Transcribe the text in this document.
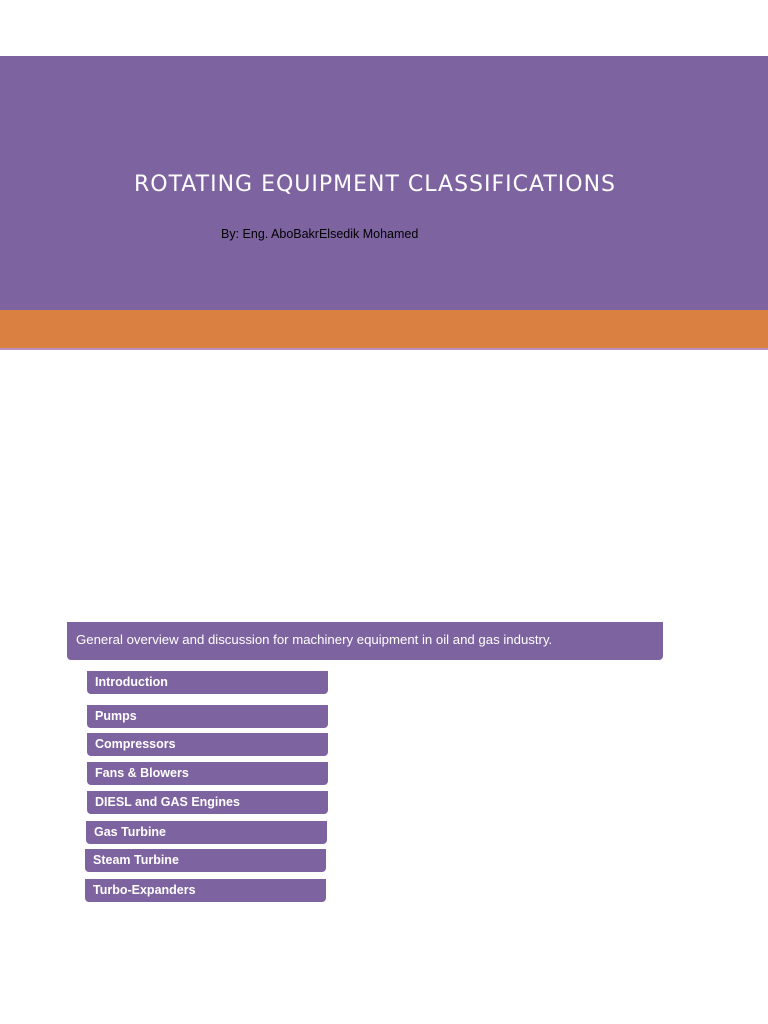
ROTATING EQUIPMENT CLASSIFICATIONS

By: Eng. AboBakrElsedik Mohamed

General overview and discussion for machinery equipment in oil and gas industry.
Introduction
Pumps
Compressors
Fans & Blowers
DIESL and GAS Engines
Gas Turbine
Steam Turbine
Turbo-Expanders
